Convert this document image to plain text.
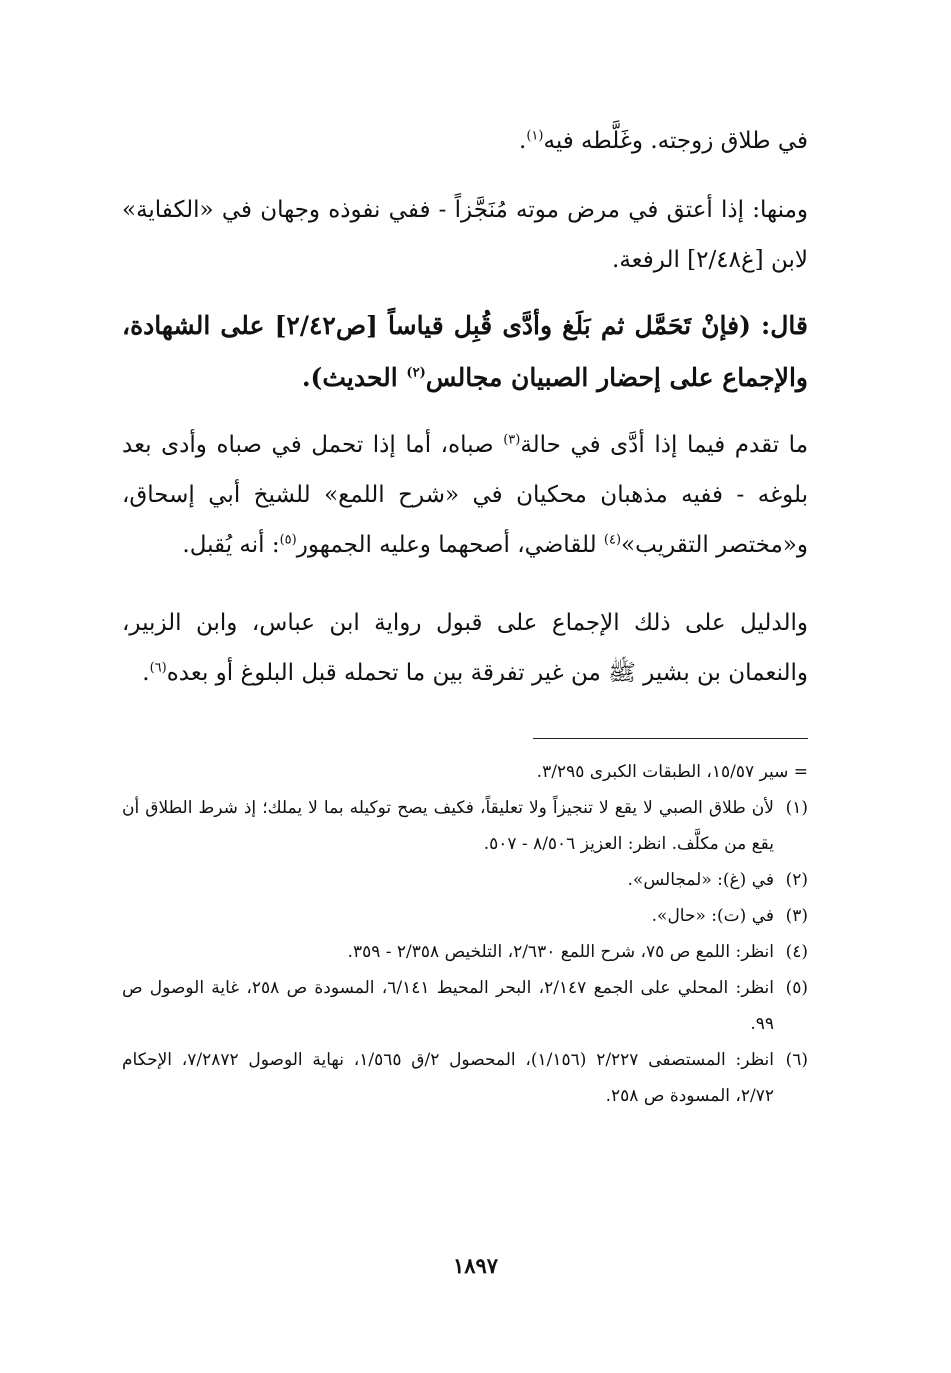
في طلاق زوجته. وغَلَّطه فيه$^{(١)}$.

ومنها: إذا أعتق في مرض موته مُنَجَّزاً - ففي نفوذه وجهان في «الكفاية» لابن [غ٢/٤٨] الرفعة.

قال: (فإنْ تَحَمَّل ثم بَلَغ وأدَّى قُبِل قياساً [ص٢/٤٢] على الشهادة، والإجماع على إحضار الصبيان مجالس$^{(٢)}$ الحديث).

ما تقدم فيما إذا أدَّى في حالة$^{(٣)}$ صباه، أما إذا تحمل في صباه وأدى بعد بلوغه - ففيه مذهبان محكيان في «شرح اللمع» للشيخ أبي إسحاق، و«مختصر التقريب»$^{(٤)}$ للقاضي، أصحهما وعليه الجمهور$^{(٥)}$: أنه يُقبل.

والدليل على ذلك الإجماع على قبول رواية ابن عباس، وابن الزبير، والنعمان بن بشير ﷺ من غير تفرقة بين ما تحمله قبل البلوغ أو بعده$^{(٦)}$.

= سير ١٥/٥٧، الطبقات الكبرى ٣/٢٩٥.
(١)
لأن طلاق الصبي لا يقع لا تنجيزاً ولا تعليقاً، فكيف يصح توكيله بما لا يملك؛ إذ شرط الطلاق أن يقع من مكلَّف. انظر: العزيز ٨/٥٠٦ - ٥٠٧.
(٢)
في (غ): «لمجالس».
(٣)
في (ت): «حال».
(٤)
انظر: اللمع ص ٧٥، شرح اللمع ٢/٦٣٠، التلخيص ٢/٣٥٨ - ٣٥٩.
(٥)
انظر: المحلي على الجمع ٢/١٤٧، البحر المحيط ٦/١٤١، المسودة ص ٢٥٨، غاية الوصول ص ٩٩.
(٦)
انظر: المستصفى ٢/٢٢٧ (١/١٥٦)، المحصول ٢/ق ١/٥٦٥، نهاية الوصول ٧/٢٨٧٢، الإحكام ٢/٧٢، المسودة ص ٢٥٨.
١٨٩٧
